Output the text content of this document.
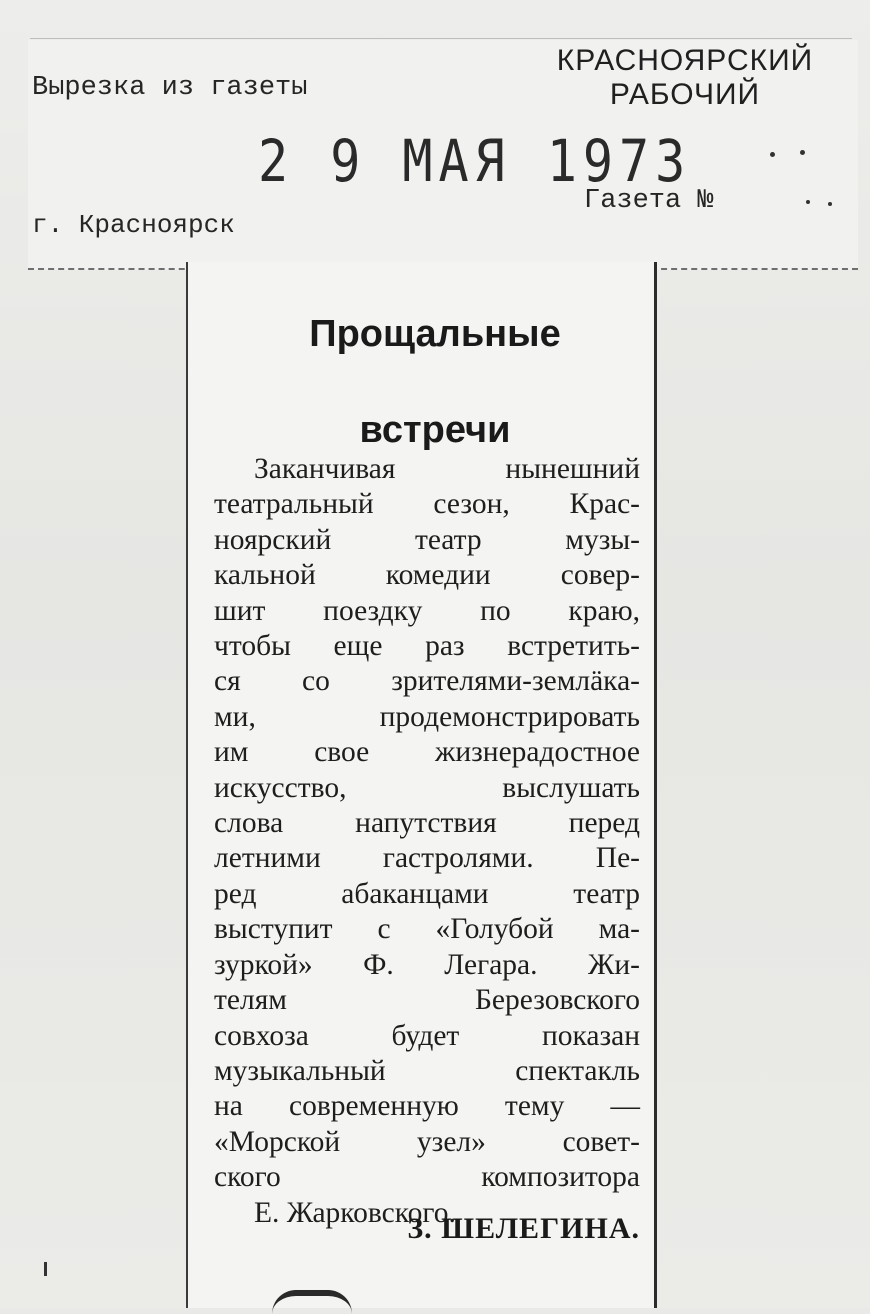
Вырезка из газеты
КРАСНОЯРСКИЙ
РАБОЧИЙ
2 9 МАЯ 1973
г. Красноярск
Газета №
Прощальные
встречи
Заканчивая нынешний
театральный сезон, Крас-
ноярский театр музы-
кальной комедии совер-
шит поездку по краю,
чтобы еще раз встретить-
ся со зрителями-землäка-
ми, продемонстрировать
им свое жизнерадостное
искусство, выслушать
слова напутствия перед
летними гастролями. Пе-
ред абаканцами театр
выступит с «Голубой ма-
зуркой» Ф. Легара. Жи-
телям Березовского
совхоза будет показан
музыкальный спектакль
на современную тему —
«Морской узел» совет-
ского композитора
Е. Жарковского.
З. ШЕЛЕГИНА.
